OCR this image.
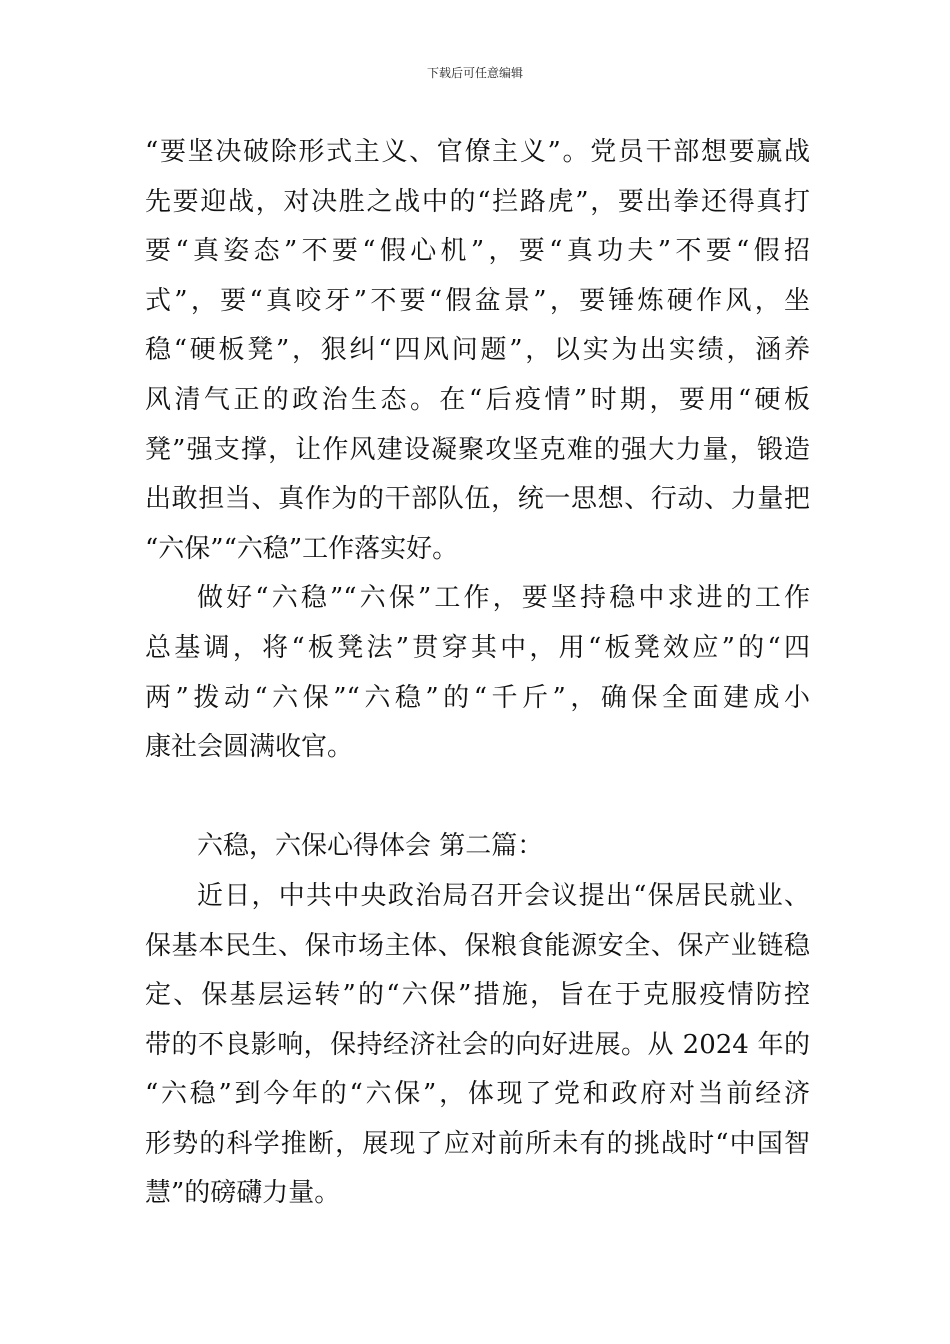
下载后可任意编辑

“要坚决破除形式主义、官僚主义”。党员干部想要赢战
先要迎战，对决胜之战中的“拦路虎”，要出拳还得真打
要“真姿态”不要“假心机”，要“真功夫”不要“假招
式”，要“真咬牙”不要“假盆景”，要锤炼硬作风，坐
稳“硬板凳”，狠纠“四风问题”，以实为出实绩，涵养
风清气正的政治生态。在“后疫情”时期，要用“硬板
凳”强支撑，让作风建设凝聚攻坚克难的强大力量，锻造
出敢担当、真作为的干部队伍，统一思想、行动、力量把
“六保”“六稳”工作落实好。
做好“六稳”“六保”工作，要坚持稳中求进的工作
总基调，将“板凳法”贯穿其中，用“板凳效应”的“四
两”拨动“六保”“六稳”的“千斤”，确保全面建成小
康社会圆满收官。

六稳，六保心得体会 第二篇：

近日，中共中央政治局召开会议提出“保居民就业、
保基本民生、保市场主体、保粮食能源安全、保产业链稳
定、保基层运转”的“六保”措施，旨在于克服疫情防控
带的不良影响，保持经济社会的向好进展。从 2024 年的
“六稳”到今年的“六保”，体现了党和政府对当前经济
形势的科学推断，展现了应对前所未有的挑战时“中国智
慧”的磅礴力量。
